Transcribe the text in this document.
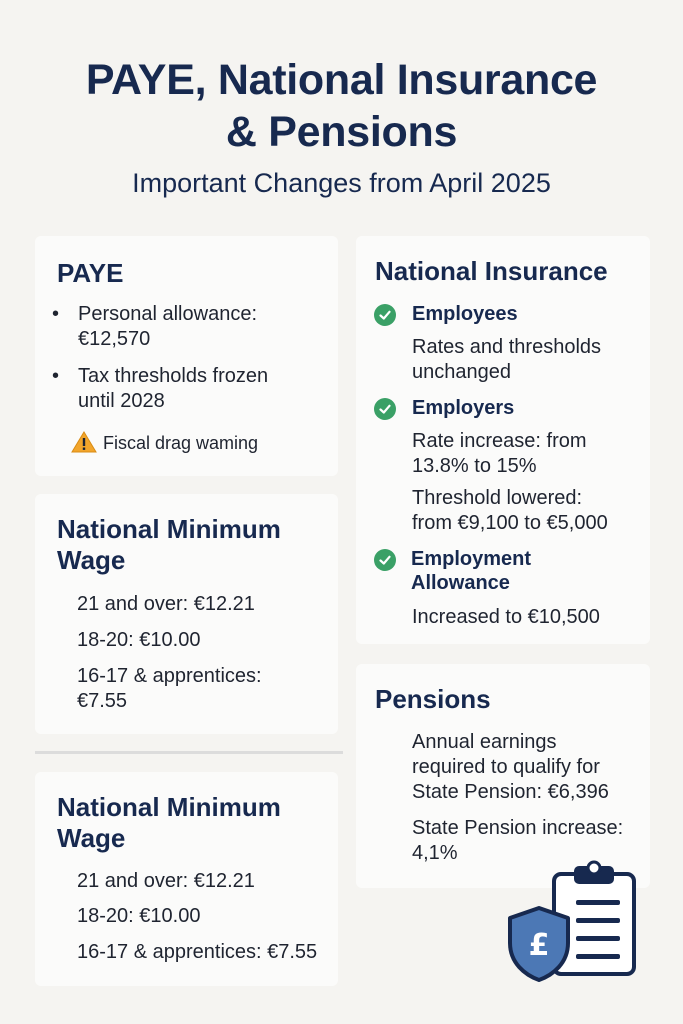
PAYE, National Insurance
& Pensions
Important Changes from April 2025
PAYE
• Personal allowance:
€12,570
• Tax thresholds frozen
until 2028
Fiscal drag waming
National Minimum
Wage
21 and over: €12.21
18-20: €10.00
16-17 & apprentices:
€7.55
National Minimum
Wage
21 and over: €12.21
18-20: €10.00
16-17 & apprentices: €7.55
National Insurance
Employees
Rates and thresholds
unchanged
Employers
Rate increase: from
13.8% to 15%
Threshold lowered:
from €9,100 to €5,000
Employment
Allowance
Increased to €10,500
Pensions
Annual earnings
required to qualify for
State Pension: €6,396
State Pension increase:
4,1%
£
